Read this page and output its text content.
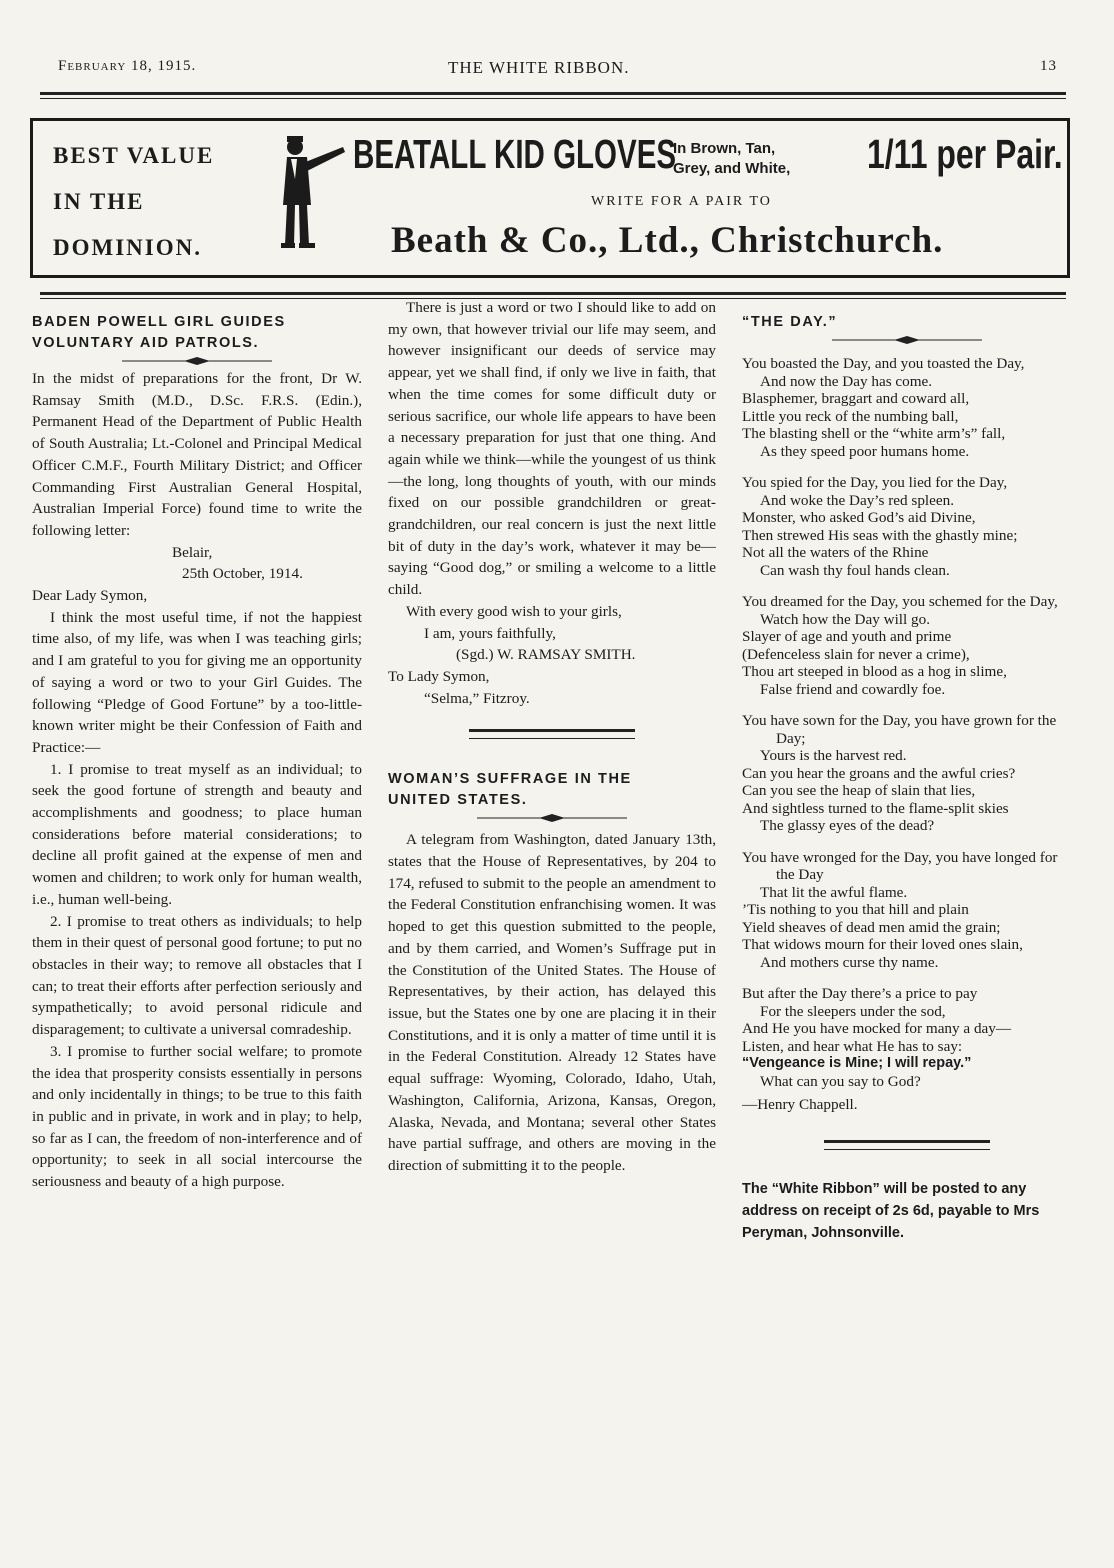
February 18, 1915.	THE WHITE RIBBON.	13
BEST VALUE
IN THE
DOMINION.
BEATALL KID GLOVES
In Brown, Tan,
Grey, and White,	1/11 per Pair.
WRITE FOR A PAIR TO
Beath & Co., Ltd., Christchurch.

BADEN POWELL GIRL GUIDES

VOLUNTARY AID PATROLS.

In the midst of preparations for the front, Dr W. Ramsay Smith (M.D., D.Sc. F.R.S. (Edin.), Permanent Head of the Department of Public Health of South Australia; Lt.-Colonel and Principal Medical Officer C.M.F., Fourth Military District; and Officer Commanding First Australian General Hospital, Australian Imperial Force) found time to write the following letter:

Belair,

25th October, 1914.

Dear Lady Symon,

I think the most useful time, if not the happiest time also, of my life, was when I was teaching girls; and I am grateful to you for giving me an opportunity of saying a word or two to your Girl Guides. The following “Pledge of Good Fortune” by a too-little-known writer might be their Confession of Faith and Practice:—

1. I promise to treat myself as an individual; to seek the good fortune of strength and beauty and accomplishments and goodness; to place human considerations before material considerations; to decline all profit gained at the expense of men and women and children; to work only for human wealth, i.e., human well-being.

2. I promise to treat others as individuals; to help them in their quest of personal good fortune; to put no obstacles in their way; to remove all obstacles that I can; to treat their efforts after perfection seriously and sympathetically; to avoid personal ridicule and disparagement; to cultivate a universal comradeship.

3. I promise to further social welfare; to promote the idea that prosperity consists essentially in persons and only incidentally in things; to be true to this faith in public and in private, in work and in play; to help, so far as I can, the freedom of non-interference and of opportunity; to seek in all social intercourse the seriousness and beauty of a high purpose.

There is just a word or two I should like to add on my own, that however trivial our life may seem, and however insignificant our deeds of service may appear, yet we shall find, if only we live in faith, that when the time comes for some difficult duty or serious sacrifice, our whole life appears to have been a necessary preparation for just that one thing. And again while we think—while the youngest of us think—the long, long thoughts of youth, with our minds fixed on our possible grandchildren or great-grandchildren, our real concern is just the next little bit of duty in the day’s work, whatever it may be—saying “Good dog,” or smiling a welcome to a little child.

With every good wish to your girls,

I am, yours faithfully,

(Sgd.) W. RAMSAY SMITH.

To Lady Symon,

“Selma,” Fitzroy.

WOMAN’S SUFFRAGE IN THE

UNITED STATES.

A telegram from Washington, dated January 13th, states that the House of Representatives, by 204 to 174, refused to submit to the people an amendment to the Federal Constitution enfranchising women. It was hoped to get this question submitted to the people, and by them carried, and Women’s Suffrage put in the Constitution of the United States. The House of Representatives, by their action, has delayed this issue, but the States one by one are placing it in their Constitutions, and it is only a matter of time until it is in the Federal Constitution. Already 12 States have equal suffrage: Wyoming, Colorado, Idaho, Utah, Washington, California, Arizona, Kansas, Oregon, Alaska, Nevada, and Montana; several other States have partial suffrage, and others are moving in the direction of submitting it to the people.

“THE DAY.”

You boasted the Day, and you toasted the Day,

And now the Day has come.

Blasphemer, braggart and coward all,

Little you reck of the numbing ball,

The blasting shell or the “white arm’s” fall,

As they speed poor humans home.

You spied for the Day, you lied for the Day,

And woke the Day’s red spleen.

Monster, who asked God’s aid Divine,

Then strewed His seas with the ghastly mine;

Not all the waters of the Rhine

Can wash thy foul hands clean.

You dreamed for the Day, you schemed for the Day,

Watch how the Day will go.

Slayer of age and youth and prime

(Defenceless slain for never a crime),

Thou art steeped in blood as a hog in slime,

False friend and cowardly foe.

You have sown for the Day, you have grown for the Day;

Yours is the harvest red.

Can you hear the groans and the awful cries?

Can you see the heap of slain that lies,

And sightless turned to the flame-split skies

The glassy eyes of the dead?

You have wronged for the Day, you have longed for the Day

That lit the awful flame.

’Tis nothing to you that hill and plain

Yield sheaves of dead men amid the grain;

That widows mourn for their loved ones slain,

And mothers curse thy name.

But after the Day there’s a price to pay

For the sleepers under the sod,

And He you have mocked for many a day—

Listen, and hear what He has to say:

“Vengeance is Mine; I will repay.”

What can you say to God?

—Henry Chappell.

The “White Ribbon” will be posted to any address on receipt of 2s 6d, payable to Mrs Peryman, Johnsonville.
